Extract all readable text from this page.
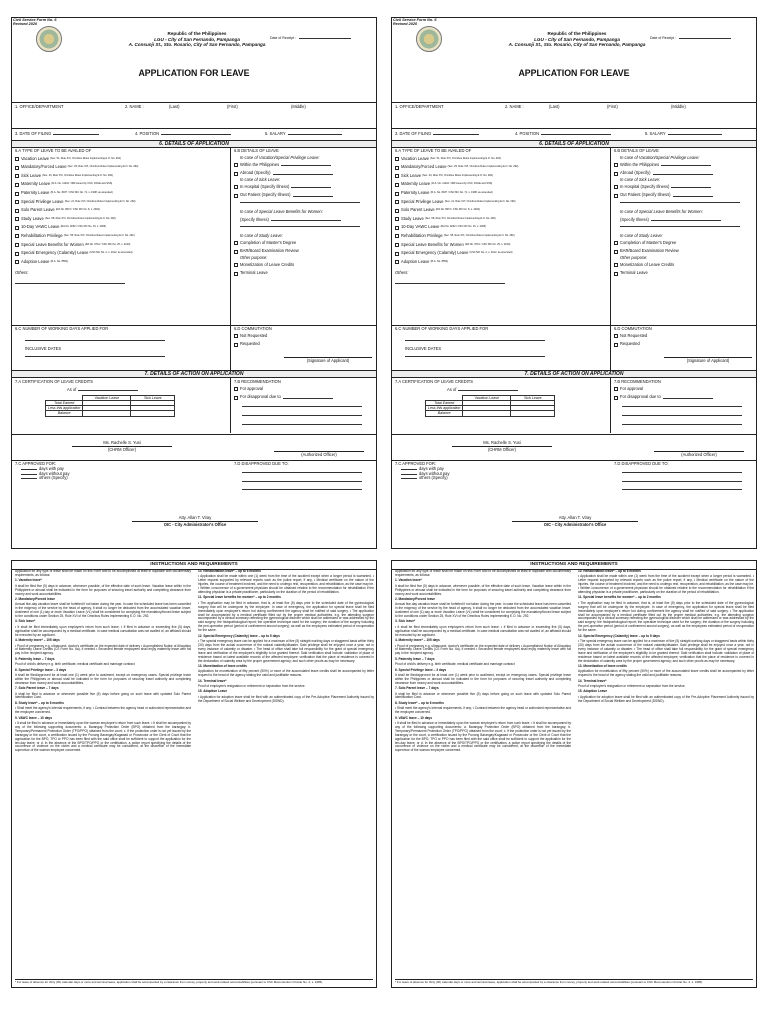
Civil Service Form No. 6
Revised 2020
Republic of the Philippines
LGU - City of San Fernando, Pampanga
A. Consunji St., Sto. Rosario, City of San Fernando, Pampanga
Date of Receipt :
APPLICATION FOR LEAVE
1. OFFICE/DEPARTMENT	2. NAME :	(Last)	(First)	(Middle)
3. DATE OF FILING	4. POSITION	5. SALARY
6. DETAILS OF APPLICATION
6.A TYPE OF LEAVE TO BE AVAILED OF
Vacation Leave
(Sec. 51, Rule XVI, Omnibus Rules Implementing E.O. No. 292)
Mandatory/Forced Leave
(Sec. 25, Rule XVI, Omnibus Rules Implementing E.O. No. 292)
Sick Leave
(Sec. 43, Rule XVI, Omnibus Rules Implementing E.O. No. 292)
Maternity Leave
(R.A. No. 11210 / IRR issued by CSC, DOLE and SSS)
Paternity Leave
(R.A. No. 8187 / CSC MC No. 71, s. 1998, as amended)
Special Privilege Leave
(Sec. 21, Rule XVI, Omnibus Rules Implementing E.O. No. 292)
Solo Parent Leave
(RA No. 8972 / CSC MC No. 8, s. 2004)
Study Leave
(Sec. 68, Rule XVI, Omnibus Rules Implementing E.O. No. 292)
10-Day VAWC Leave
(RA No. 9262 / CSC MC No. 15, s. 2005)
Rehabilitation Privilege
(Sec. 55, Rule XVI, Omnibus Rules Implementing E.O. No. 292)
Special Leave Benefits for Women
(RA No. 9710 / CSC MC No. 25, s. 2010)
Special Emergency (Calamity) Leave
(CSC MC No. 2, s. 2012, as amended)
Adoption Leave
(R.A. No. 8552)
Others:
6.B DETAILS OF LEAVE
In case of Vacation/Special Privilege Leave:
Within the Philippines
Abroad (Specify)
In case of Sick Leave:
In Hospital (Specify Illness)
Out Patient (Specify Illness)
In case of Special Leave Benefits for Women:
(Specify Illness)
In case of Study Leave:
Completion of Master's Degree
BAR/Board Examination Review
Other purpose:
Monetization of Leave Credits
Terminal Leave
6.C NUMBER OF WORKING DAYS APPLIED FOR
INCLUSIVE DATES
6.D COMMUTATION
Not Requested
Requested
(Signature of Applicant)
7. DETAILS OF ACTION ON APPLICATION
7.A CERTIFICATION OF LEAVE CREDITS
As of
	Vacation Leave	Sick Leave
Total Earned		
Less this application		
Balance		
Ms. Rachelle S. Yusi
(CHRM Officer)
7.B RECOMMENDATION
For approval
For disapproval due to

(Authorized Officer)
7.C APPROVED FOR:
days with pay
days without pay
others (Specify)
7.D DISAPPROVED DUE TO:

Atty. Allan T. Viray
OIC - City Administrator's Office
Civil Service Form No. 6
Revised 2020
Republic of the Philippines
LGU - City of San Fernando, Pampanga
A. Consunji St., Sto. Rosario, City of San Fernando, Pampanga
Date of Receipt :
APPLICATION FOR LEAVE
1. OFFICE/DEPARTMENT	2. NAME :	(Last)	(First)	(Middle)
3. DATE OF FILING	4. POSITION	5. SALARY
6. DETAILS OF APPLICATION
6.A TYPE OF LEAVE TO BE AVAILED OF
Vacation Leave
(Sec. 51, Rule XVI, Omnibus Rules Implementing E.O. No. 292)
Mandatory/Forced Leave
(Sec. 25, Rule XVI, Omnibus Rules Implementing E.O. No. 292)
Sick Leave
(Sec. 43, Rule XVI, Omnibus Rules Implementing E.O. No. 292)
Maternity Leave
(R.A. No. 11210 / IRR issued by CSC, DOLE and SSS)
Paternity Leave
(R.A. No. 8187 / CSC MC No. 71, s. 1998, as amended)
Special Privilege Leave
(Sec. 21, Rule XVI, Omnibus Rules Implementing E.O. No. 292)
Solo Parent Leave
(RA No. 8972 / CSC MC No. 8, s. 2004)
Study Leave
(Sec. 68, Rule XVI, Omnibus Rules Implementing E.O. No. 292)
10-Day VAWC Leave
(RA No. 9262 / CSC MC No. 15, s. 2005)
Rehabilitation Privilege
(Sec. 55, Rule XVI, Omnibus Rules Implementing E.O. No. 292)
Special Leave Benefits for Women
(RA No. 9710 / CSC MC No. 25, s. 2010)
Special Emergency (Calamity) Leave
(CSC MC No. 2, s. 2012, as amended)
Adoption Leave
(R.A. No. 8552)
Others:
6.B DETAILS OF LEAVE
In case of Vacation/Special Privilege Leave:
Within the Philippines
Abroad (Specify)
In case of Sick Leave:
In Hospital (Specify Illness)
Out Patient (Specify Illness)
In case of Special Leave Benefits for Women:
(Specify Illness)
In case of Study Leave:
Completion of Master's Degree
BAR/Board Examination Review
Other purpose:
Monetization of Leave Credits
Terminal Leave
6.C NUMBER OF WORKING DAYS APPLIED FOR
INCLUSIVE DATES
6.D COMMUTATION
Not Requested
Requested
(Signature of Applicant)
7. DETAILS OF ACTION ON APPLICATION
7.A CERTIFICATION OF LEAVE CREDITS
As of
	Vacation Leave	Sick Leave
Total Earned		
Less this application		
Balance		
Ms. Rachelle S. Yusi
(CHRM Officer)
7.B RECOMMENDATION
For approval
For disapproval due to

(Authorized Officer)
7.C APPROVED FOR:
days with pay
days without pay
others (Specify)
7.D DISAPPROVED DUE TO:

Atty. Allan T. Viray
OIC - City Administrator's Office
INSTRUCTIONS AND REQUIREMENTS

Application for any type of leave shall be made on this Form and to be accomplished at least in duplicate with documentary requirements, as follows:

1. Vacation leave*

It shall be filed five (5) days in advance, whenever possible, of the effective date of such leave. Vacation leave within in the Philippines or abroad shall be indicated in the form for purposes of securing travel authority and completing clearance from money and work accountabilities.

2. Mandatory/Forced leave

Annual five-day vacation leave shall be forfeited if not taken during the year. In case the scheduled leave has been cancelled in the exigency of the service by the head of agency, it shall no longer be deducted from the accumulated vacation leave. Availment of one (1) day or more Vacation Leave (VL) shall be considered for complying the mandatory/forced leave subject to the conditions under Section 25, Rule XVI of the Omnibus Rules Implementing E.O. No. 292.

3. Sick leave*

• It shall be filed immediately upon employee's return from such leave. • If filed in advance or exceeding five (5) days, application shall be accompanied by a medical certificate. In case medical consultation was not availed of, an affidavit should be executed by an applicant.

4. Maternity leave* – 105 days

• Proof of pregnancy e.g. ultrasound, doctor's certificate on the expected date of delivery • Accomplished Notice of Allocation of Maternity Leave Credits (CS Form No. 6a), if needed • Seconded female employees shall enjoy maternity leave with full pay in the recipient agency.

5. Paternity leave – 7 days

Proof of child's delivery e.g. birth certificate, medical certificate and marriage contract

6. Special Privilege leave – 3 days

It shall be filed/approved for at least one (1) week prior to availment, except on emergency cases. Special privilege leave within the Philippines or abroad shall be indicated in the form for purposes of securing travel authority and completing clearance from money and work accountabilities.

7. Solo Parent leave – 7 days

It shall be filed in advance or whenever possible five (5) days before going on such leave with updated Solo Parent Identification Card.

8. Study leave* – up to 6 months

• Shall meet the agency's internal requirements, if any; • Contract between the agency head or authorized representative and the employee concerned.

9. VAWC leave – 10 days

• It shall be filed in advance or immediately upon the woman employee's return from such leave. • It shall be accompanied by any of the following supporting documents: a. Barangay Protection Order (BPO) obtained from the barangay; b. Temporary/Permanent Protection Order (TPO/PPO) obtained from the court; c. If the protection order is not yet issued by the barangay or the court, a certification issued by the Punong Barangay/Kagawad or Prosecutor or the Clerk of Court that the application for the BPO, TPO or PPO has been filed with the said office shall be sufficient to support the application for the ten-day leave; or d. In the absence of the BPO/TPO/PPO or the certification, a police report specifying the details of the occurrence of violence on the victim and a medical certificate may be considered, at the discretion of the immediate supervisor of the woman employee concerned.

10. Rehabilitation leave* – up to 6 months

• Application shall be made within one (1) week from the time of the accident except when a longer period is warranted. • Letter request supported by relevant reports such as the police report, if any, • Medical certificate on the nature of the injuries, the course of treatment involved, and the need to undergo rest, recuperation, and rehabilitation, as the case may be. • Written concurrence of a government physician should be obtained relative to the recommendation for rehabilitation if the attending physician is a private practitioner, particularly on the duration of the period of rehabilitation.

11. Special leave benefits for women* – up to 2 months

• The application may be filed in advance, that is, at least five (5) days prior to the scheduled date of the gynecological surgery that will be undergone by the employee. In case of emergency, the application for special leave shall be filed immediately upon employee's return but during confinement the agency shall be notified of said surgery. • The application shall be accompanied by a medical certificate filled out by the proper medical authorities, e.g. the attending surgeon accompanied by a clinical summary reflecting the gynecological disorder which shall be addressed or was addressed by the said surgery; the histopathological report; the operative technique used for the surgery; the duration of the surgery including the peri-operative period (period of confinement around surgery); as well as the employees estimated period of recuperation for the same.

12. Special Emergency (Calamity) leave – up to 5 days

• The special emergency leave can be applied for a maximum of five (5) straight working days or staggered basis within thirty (30) days from the actual occurrence of the natural calamity/disaster. Said privilege shall be enjoyed once a year, not in every instance of calamity or disaster. • The head of office shall take full responsibility for the grant of special emergency leave and verification of the employee's eligibility to be granted thereof. Said verification shall include: validation of place of residence based on latest available records of the affected employee; verification that the place of residence is covered in the declaration of calamity area by the proper government agency; and such other proofs as may be necessary.

13. Monetization of leave credits

Application for monetization of fifty percent (50%) or more of the accumulated leave credits shall be accompanied by letter request to the head of the agency stating the valid and justifiable reasons.

14. Terminal leave*

Proof of employee's resignation or retirement or separation from the service.

15. Adoption Leave

• Application for adoption leave shall be filed with an authenticated copy of the Pre-Adoptive Placement Authority issued by the Department of Social Welfare and Development (DSWD).

* For leave of absence for thirty (30) calendar days or more and terminal leave, application shall be accompanied by a clearance from money, property and work-related accountabilities (pursuant to CSC Memorandum Circular No. 2, s. 1985).
INSTRUCTIONS AND REQUIREMENTS

Application for any type of leave shall be made on this Form and to be accomplished at least in duplicate with documentary requirements, as follows:

1. Vacation leave*

It shall be filed five (5) days in advance, whenever possible, of the effective date of such leave. Vacation leave within in the Philippines or abroad shall be indicated in the form for purposes of securing travel authority and completing clearance from money and work accountabilities.

2. Mandatory/Forced leave

Annual five-day vacation leave shall be forfeited if not taken during the year. In case the scheduled leave has been cancelled in the exigency of the service by the head of agency, it shall no longer be deducted from the accumulated vacation leave. Availment of one (1) day or more Vacation Leave (VL) shall be considered for complying the mandatory/forced leave subject to the conditions under Section 25, Rule XVI of the Omnibus Rules Implementing E.O. No. 292.

3. Sick leave*

• It shall be filed immediately upon employee's return from such leave. • If filed in advance or exceeding five (5) days, application shall be accompanied by a medical certificate. In case medical consultation was not availed of, an affidavit should be executed by an applicant.

4. Maternity leave* – 105 days

• Proof of pregnancy e.g. ultrasound, doctor's certificate on the expected date of delivery • Accomplished Notice of Allocation of Maternity Leave Credits (CS Form No. 6a), if needed • Seconded female employees shall enjoy maternity leave with full pay in the recipient agency.

5. Paternity leave – 7 days

Proof of child's delivery e.g. birth certificate, medical certificate and marriage contract

6. Special Privilege leave – 3 days

It shall be filed/approved for at least one (1) week prior to availment, except on emergency cases. Special privilege leave within the Philippines or abroad shall be indicated in the form for purposes of securing travel authority and completing clearance from money and work accountabilities.

7. Solo Parent leave – 7 days

It shall be filed in advance or whenever possible five (5) days before going on such leave with updated Solo Parent Identification Card.

8. Study leave* – up to 6 months

• Shall meet the agency's internal requirements, if any; • Contract between the agency head or authorized representative and the employee concerned.

9. VAWC leave – 10 days

• It shall be filed in advance or immediately upon the woman employee's return from such leave. • It shall be accompanied by any of the following supporting documents: a. Barangay Protection Order (BPO) obtained from the barangay; b. Temporary/Permanent Protection Order (TPO/PPO) obtained from the court; c. If the protection order is not yet issued by the barangay or the court, a certification issued by the Punong Barangay/Kagawad or Prosecutor or the Clerk of Court that the application for the BPO, TPO or PPO has been filed with the said office shall be sufficient to support the application for the ten-day leave; or d. In the absence of the BPO/TPO/PPO or the certification, a police report specifying the details of the occurrence of violence on the victim and a medical certificate may be considered, at the discretion of the immediate supervisor of the woman employee concerned.

10. Rehabilitation leave* – up to 6 months

• Application shall be made within one (1) week from the time of the accident except when a longer period is warranted. • Letter request supported by relevant reports such as the police report, if any, • Medical certificate on the nature of the injuries, the course of treatment involved, and the need to undergo rest, recuperation, and rehabilitation, as the case may be. • Written concurrence of a government physician should be obtained relative to the recommendation for rehabilitation if the attending physician is a private practitioner, particularly on the duration of the period of rehabilitation.

11. Special leave benefits for women* – up to 2 months

• The application may be filed in advance, that is, at least five (5) days prior to the scheduled date of the gynecological surgery that will be undergone by the employee. In case of emergency, the application for special leave shall be filed immediately upon employee's return but during confinement the agency shall be notified of said surgery. • The application shall be accompanied by a medical certificate filled out by the proper medical authorities, e.g. the attending surgeon accompanied by a clinical summary reflecting the gynecological disorder which shall be addressed or was addressed by the said surgery; the histopathological report; the operative technique used for the surgery; the duration of the surgery including the peri-operative period (period of confinement around surgery); as well as the employees estimated period of recuperation for the same.

12. Special Emergency (Calamity) leave – up to 5 days

• The special emergency leave can be applied for a maximum of five (5) straight working days or staggered basis within thirty (30) days from the actual occurrence of the natural calamity/disaster. Said privilege shall be enjoyed once a year, not in every instance of calamity or disaster. • The head of office shall take full responsibility for the grant of special emergency leave and verification of the employee's eligibility to be granted thereof. Said verification shall include: validation of place of residence based on latest available records of the affected employee; verification that the place of residence is covered in the declaration of calamity area by the proper government agency; and such other proofs as may be necessary.

13. Monetization of leave credits

Application for monetization of fifty percent (50%) or more of the accumulated leave credits shall be accompanied by letter request to the head of the agency stating the valid and justifiable reasons.

14. Terminal leave*

Proof of employee's resignation or retirement or separation from the service.

15. Adoption Leave

• Application for adoption leave shall be filed with an authenticated copy of the Pre-Adoptive Placement Authority issued by the Department of Social Welfare and Development (DSWD).

* For leave of absence for thirty (30) calendar days or more and terminal leave, application shall be accompanied by a clearance from money, property and work-related accountabilities (pursuant to CSC Memorandum Circular No. 2, s. 1985).
